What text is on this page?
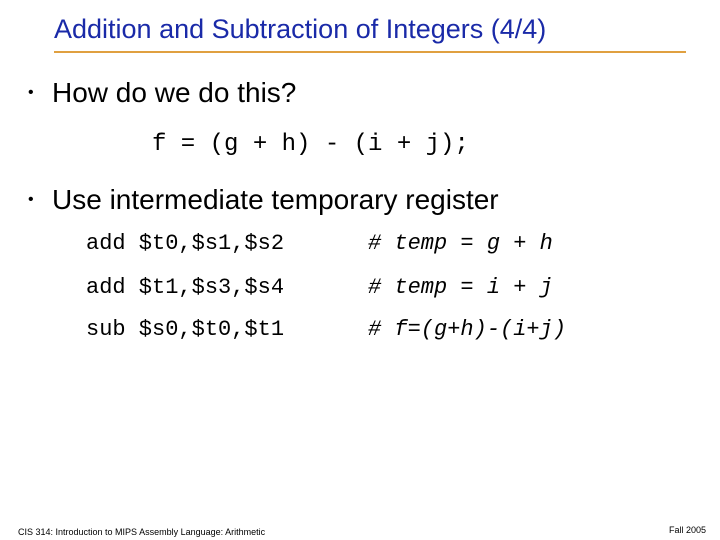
Addition and Subtraction of Integers (4/4)
• How do we do this?
f = (g + h) - (i + j);
• Use intermediate temporary register
add $t0,$s1,$s2	# temp = g + h
add $t1,$s3,$s4	# temp = i + j
sub $s0,$t0,$t1	# f=(g+h)-(i+j)
CIS 314: Introduction to MIPS Assembly Language: Arithmetic	Fall 2005
